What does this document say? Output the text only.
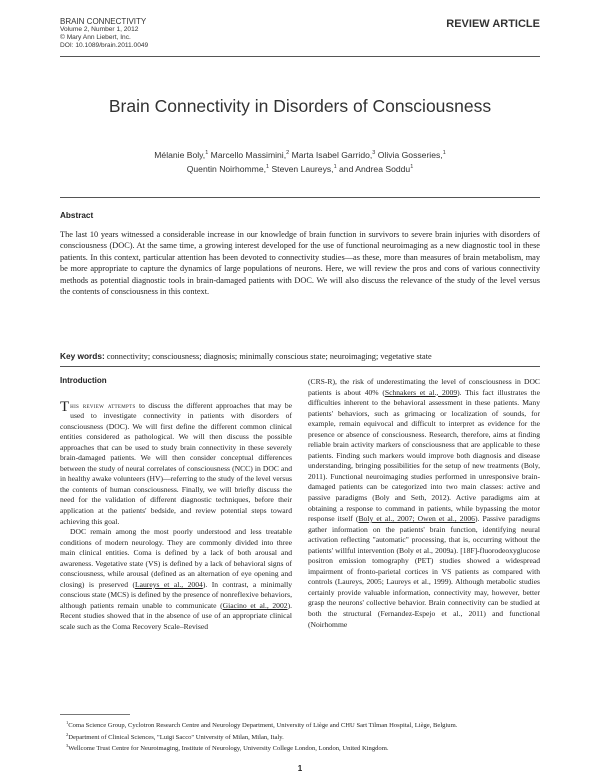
BRAIN CONNECTIVITY
Volume 2, Number 1, 2012
© Mary Ann Liebert, Inc.
DOI: 10.1089/brain.2011.0049
REVIEW ARTICLE
Brain Connectivity in Disorders of Consciousness
Mélanie Boly,$^1$ Marcello Massimini,$^2$ Marta Isabel Garrido,$^3$ Olivia Gosseries,$^1$
Quentin Noirhomme,$^1$ Steven Laureys,$^1$ and Andrea Soddu$^1$
Abstract

The last 10 years witnessed a considerable increase in our knowledge of brain function in survivors to severe brain injuries with disorders of consciousness (DOC). At the same time, a growing interest developed for the use of functional neuroimaging as a new diagnostic tool in these patients. In this context, particular attention has been devoted to connectivity studies—as these, more than measures of brain metabolism, may be more appropriate to capture the dynamics of large populations of neurons. Here, we will review the pros and cons of various connectivity methods as potential diagnostic tools in brain-damaged patients with DOC. We will also discuss the relevance of the study of the level versus the contents of consciousness in this context.

Key words: connectivity; consciousness; diagnosis; minimally conscious state; neuroimaging; vegetative state

Introduction

This review attempts to discuss the different approaches that may be used to investigate connectivity in patients with disorders of consciousness (DOC). We will first define the different common clinical entities considered as pathological. We will then discuss the possible approaches that can be used to study brain connectivity in these severely brain-damaged patients. We will then consider conceptual differences between the study of neural correlates of consciousness (NCC) in DOC and in healthy awake volunteers (HV)—referring to the study of the level versus the contents of human consciousness. Finally, we will briefly discuss the need for the validation of different diagnostic techniques, before their application at the patients' bedside, and review potential steps toward achieving this goal.

DOC remain among the most poorly understood and less treatable conditions of modern neurology. They are commonly divided into three main clinical entities. Coma is defined by a lack of both arousal and awareness. Vegetative state (VS) is defined by a lack of behavioral signs of consciousness, while arousal (defined as an alternation of eye opening and closing) is preserved (Laureys et al., 2004). In contrast, a minimally conscious state (MCS) is defined by the presence of nonreflexive behaviors, although patients remain unable to communicate (Giacino et al., 2002). Recent studies showed that in the absence of use of an appropriate clinical scale such as the Coma Recovery Scale–Revised

(CRS-R), the risk of underestimating the level of consciousness in DOC patients is about 40% (Schnakers et al., 2009). This fact illustrates the difficulties inherent to the behavioral assessment in these patients. Many patients' behaviors, such as grimacing or localization of sounds, for example, remain equivocal and difficult to interpret as evidence for the presence or absence of consciousness. Research, therefore, aims at finding reliable brain activity markers of consciousness that are applicable to these patients. Finding such markers would improve both diagnosis and disease understanding, bringing possibilities for the setup of new treatments (Boly, 2011). Functional neuroimaging studies performed in unresponsive brain-damaged patients can be categorized into two main classes: active and passive paradigms (Boly and Seth, 2012). Active paradigms aim at obtaining a response to command in patients, while bypassing the motor response itself (Boly et al., 2007; Owen et al., 2006). Passive paradigms gather information on the patients' brain function, identifying neural activation reflecting "automatic" processing, that is, occurring without the patients' willful intervention (Boly et al., 2009a). [18F]-fluorodeoxyglucose positron emission tomography (PET) studies showed a widespread impairment of fronto-parietal cortices in VS patients as compared with controls (Laureys, 2005; Laureys et al., 1999). Although metabolic studies certainly provide valuable information, connectivity may, however, better grasp the neurons' collective behavior. Brain connectivity can be studied at both the structural (Fernandez-Espejo et al., 2011) and functional (Noirhomme

$^1$Coma Science Group, Cyclotron Research Centre and Neurology Department, University of Liège and CHU Sart Tilman Hospital, Liège, Belgium.

$^2$Department of Clinical Sciences, "Luigi Sacco" University of Milan, Milan, Italy.

$^3$Wellcome Trust Centre for Neuroimaging, Institute of Neurology, University College London, London, United Kingdom.

1
